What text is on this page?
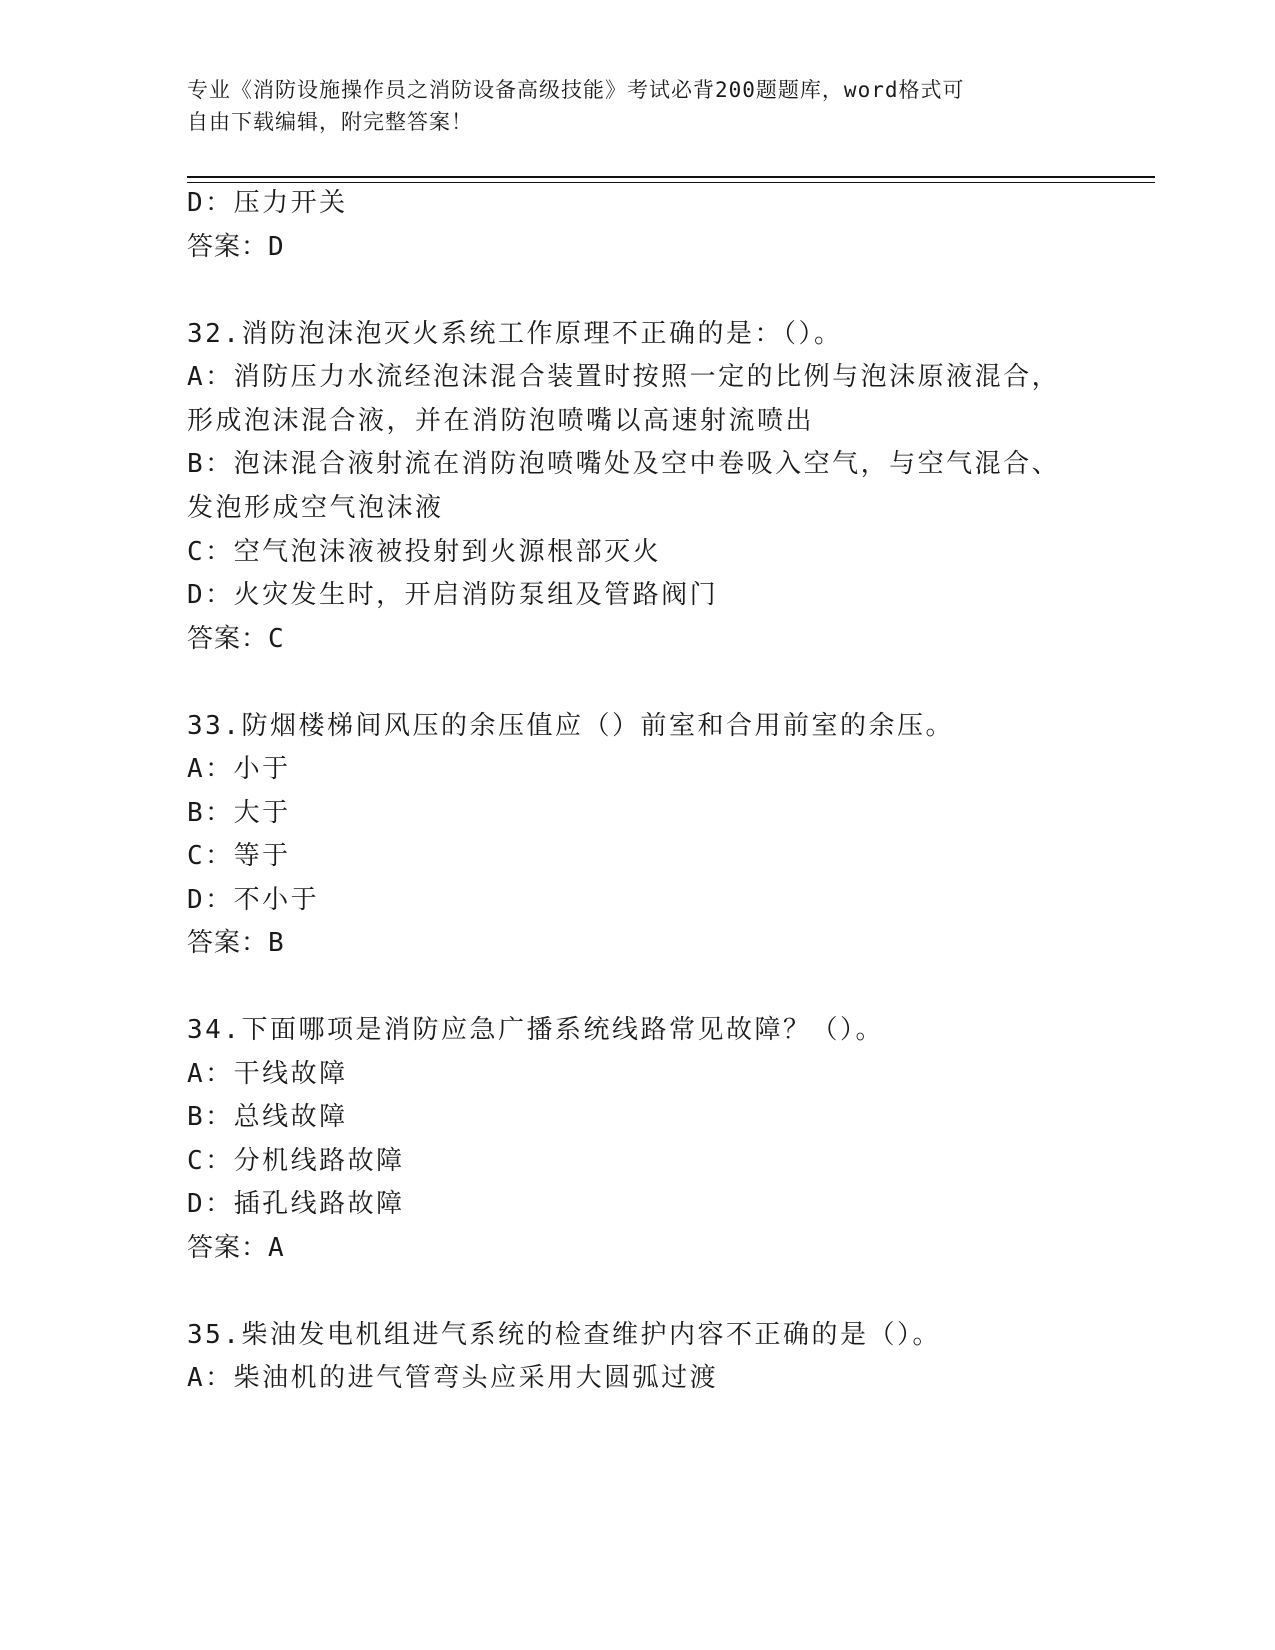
专业《消防设施操作员之消防设备高级技能》考试必背200题题库，word格式可
自由下载编辑，附完整答案！
D：压力开关
答案：D
32.消防泡沫泡灭火系统工作原理不正确的是：（）。
A：消防压力水流经泡沫混合装置时按照一定的比例与泡沫原液混合，
形成泡沫混合液，并在消防泡喷嘴以高速射流喷出
B：泡沫混合液射流在消防泡喷嘴处及空中卷吸入空气，与空气混合、
发泡形成空气泡沫液
C：空气泡沫液被投射到火源根部灭火
D：火灾发生时，开启消防泵组及管路阀门
答案：C
33.防烟楼梯间风压的余压值应（）前室和合用前室的余压。
A：小于
B：大于
C：等于
D：不小于
答案：B
34.下面哪项是消防应急广播系统线路常见故障？（）。
A：干线故障
B：总线故障
C：分机线路故障
D：插孔线路故障
答案：A
35.柴油发电机组进气系统的检查维护内容不正确的是（）。
A：柴油机的进气管弯头应采用大圆弧过渡
